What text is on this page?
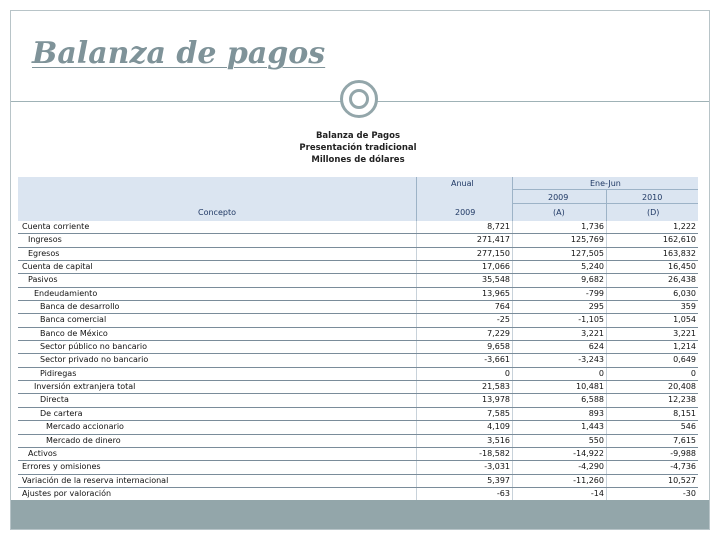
Balanza de pagos
Balanza de Pagos
Presentación tradicional
Millones de dólares
Anual	Ene-Jun
2009	2010
Concepto	2009	(A)	(D)
Cuenta corriente	8,721	1,736	1,222
Ingresos	271,417	125,769	162,610
Egresos	277,150	127,505	163,832
Cuenta de capital	17,066	5,240	16,450
Pasivos	35,548	9,682	26,438
Endeudamiento	13,965	-799	6,030
Banca de desarrollo	764	295	359
Banca comercial	-25	-1,105	1,054
Banco de México	7,229	3,221	3,221
Sector público no bancario	9,658	624	1,214
Sector privado no bancario	-3,661	-3,243	0,649
Pidiregas	0	0	0
Inversión extranjera total	21,583	10,481	20,408
Directa	13,978	6,588	12,238
De cartera	7,585	893	8,151
Mercado accionario	4,109	1,443	546
Mercado de dinero	3,516	550	7,615
Activos	-18,582	-14,922	-9,988
Errores y omisiones	-3,031	-4,290	-4,736
Variación de la reserva internacional	5,397	-11,260	10,527
Ajustes por valoración	-63	-14	-30
